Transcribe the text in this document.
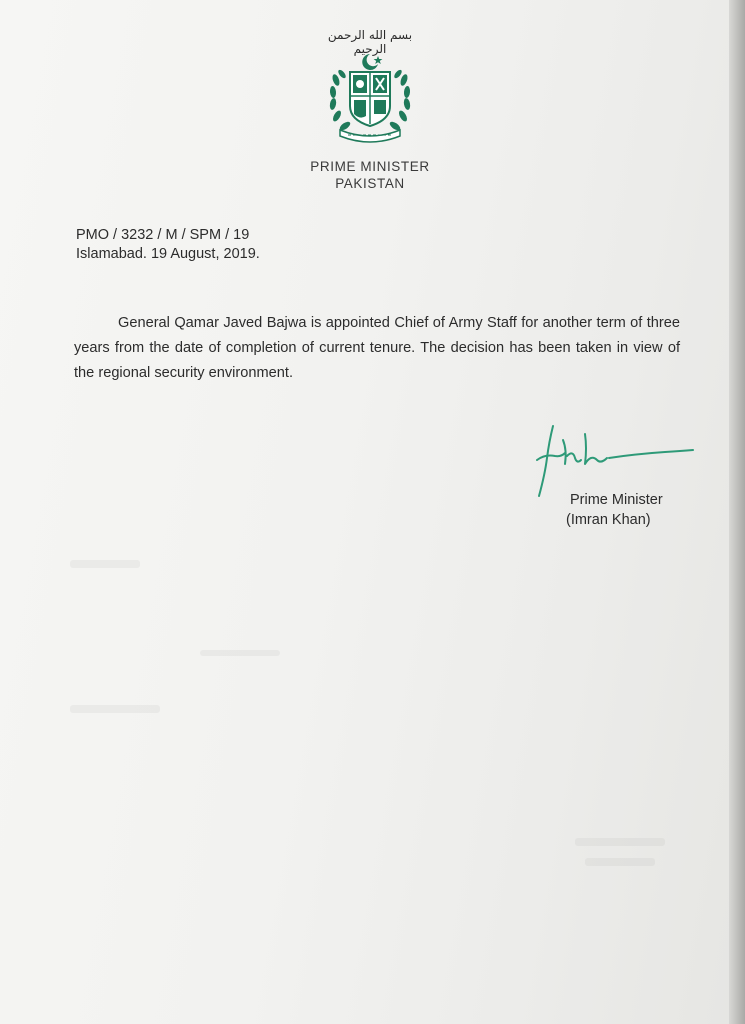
بسم الله الرحمن الرحيم
PRIME MINISTER
PAKISTAN
PMO / 3232 / M / SPM / 19
Islamabad. 19 August, 2019.
General Qamar Javed Bajwa is appointed Chief of Army Staff for another term of three years from the date of completion of current tenure. The decision has been taken in view of the regional security environment.
Prime Minister
(Imran Khan)
